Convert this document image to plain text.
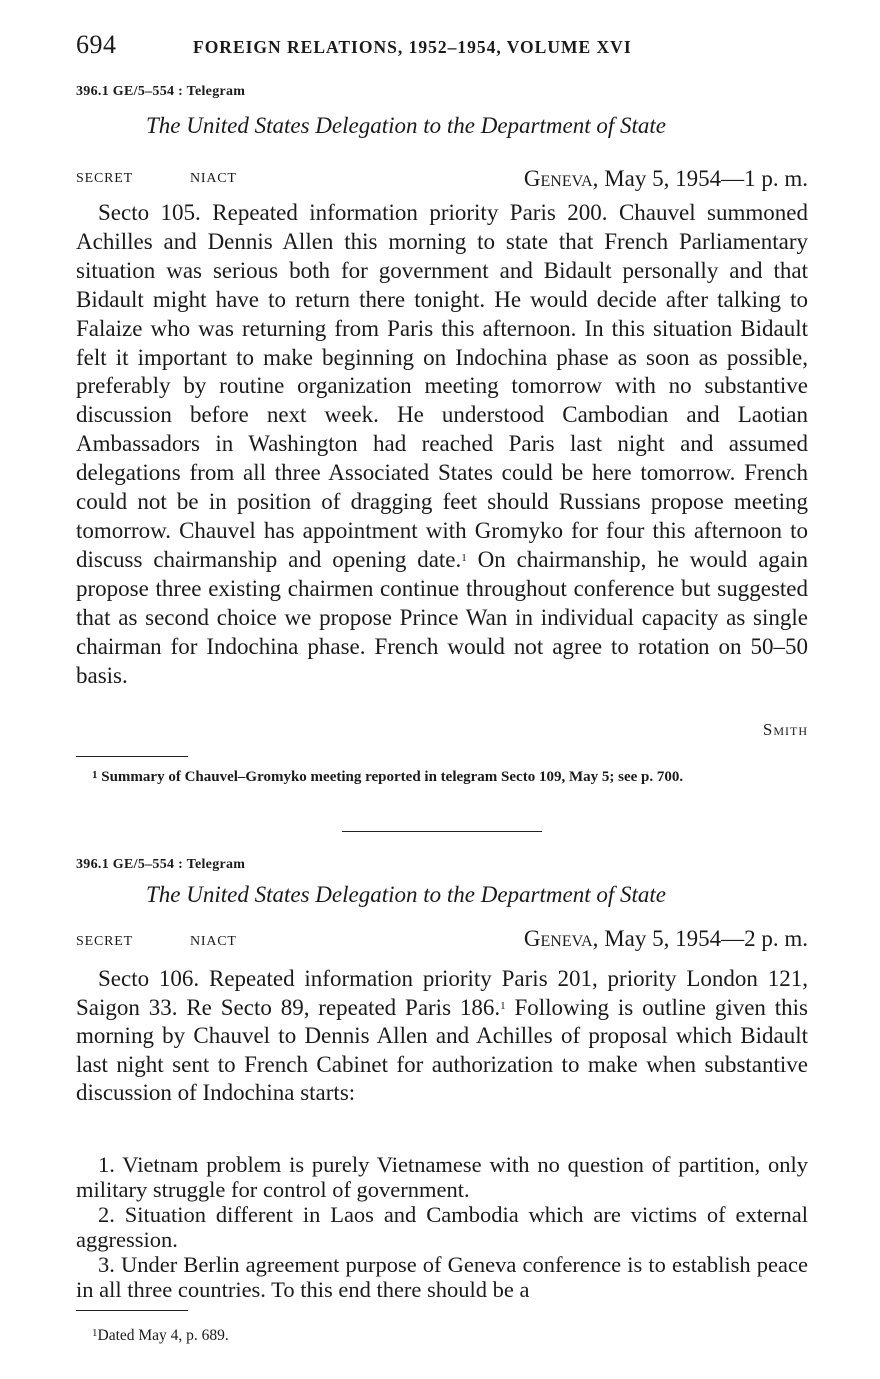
694	FOREIGN RELATIONS, 1952–1954, VOLUME XVI
396.1 GE/5–554 : Telegram
The United States Delegation to the Department of State
SECRET	NIACT	Geneva, May 5, 1954—1 p. m.

Secto 105. Repeated information priority Paris 200. Chauvel summoned Achilles and Dennis Allen this morning to state that French Parliamentary situation was serious both for government and Bidault personally and that Bidault might have to return there tonight. He would decide after talking to Falaize who was returning from Paris this afternoon. In this situation Bidault felt it important to make beginning on Indochina phase as soon as possible, preferably by routine organization meeting tomorrow with no substantive discussion before next week. He understood Cambodian and Laotian Ambassadors in Washington had reached Paris last night and assumed delegations from all three Associated States could be here tomorrow. French could not be in position of dragging feet should Russians propose meeting tomorrow. Chauvel has appointment with Gromyko for four this afternoon to discuss chairmanship and opening date.$^1$ On chairmanship, he would again propose three existing chairmen continue throughout conference but suggested that as second choice we propose Prince Wan in individual capacity as single chairman for Indochina phase. French would not agree to rotation on 50–50 basis.

Smith

$^1$ Summary of Chauvel–Gromyko meeting reported in telegram Secto 109, May 5; see p. 700.

396.1 GE/5–554 : Telegram
The United States Delegation to the Department of State
SECRET	NIACT	Geneva, May 5, 1954—2 p. m.

Secto 106. Repeated information priority Paris 201, priority London 121, Saigon 33. Re Secto 89, repeated Paris 186.$^1$ Following is outline given this morning by Chauvel to Dennis Allen and Achilles of proposal which Bidault last night sent to French Cabinet for authorization to make when substantive discussion of Indochina starts:

1. Vietnam problem is purely Vietnamese with no question of partition, only military struggle for control of government.
2. Situation different in Laos and Cambodia which are victims of external aggression.
3. Under Berlin agreement purpose of Geneva conference is to establish peace in all three countries. To this end there should be a

$^1$Dated May 4, p. 689.
